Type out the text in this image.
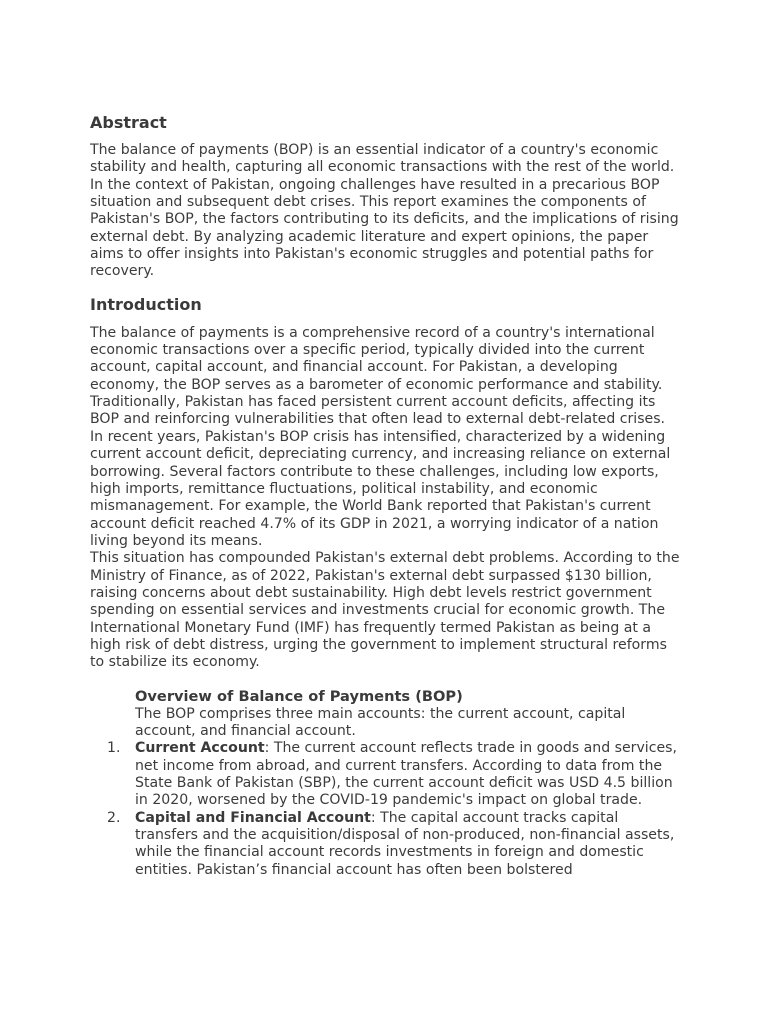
Abstract

The balance of payments (BOP) is an essential indicator of a country's economic stability and health, capturing all economic transactions with the rest of the world. In the context of Pakistan, ongoing challenges have resulted in a precarious BOP situation and subsequent debt crises. This report examines the components of Pakistan's BOP, the factors contributing to its deficits, and the implications of rising external debt. By analyzing academic literature and expert opinions, the paper aims to offer insights into Pakistan's economic struggles and potential paths for recovery.

Introduction

The balance of payments is a comprehensive record of a country's international economic transactions over a specific period, typically divided into the current account, capital account, and financial account. For Pakistan, a developing economy, the BOP serves as a barometer of economic performance and stability. Traditionally, Pakistan has faced persistent current account deficits, affecting its BOP and reinforcing vulnerabilities that often lead to external debt-related crises.

In recent years, Pakistan's BOP crisis has intensified, characterized by a widening current account deficit, depreciating currency, and increasing reliance on external borrowing. Several factors contribute to these challenges, including low exports, high imports, remittance fluctuations, political instability, and economic mismanagement. For example, the World Bank reported that Pakistan's current account deficit reached 4.7% of its GDP in 2021, a worrying indicator of a nation living beyond its means.

This situation has compounded Pakistan's external debt problems. According to the Ministry of Finance, as of 2022, Pakistan's external debt surpassed $130 billion, raising concerns about debt sustainability. High debt levels restrict government spending on essential services and investments crucial for economic growth. The International Monetary Fund (IMF) has frequently termed Pakistan as being at a high risk of debt distress, urging the government to implement structural reforms to stabilize its economy.

Overview of Balance of Payments (BOP)

The BOP comprises three main accounts: the current account, capital account, and financial account.

1. Current Account: The current account reflects trade in goods and services, net income from abroad, and current transfers. According to data from the State Bank of Pakistan (SBP), the current account deficit was USD 4.5 billion in 2020, worsened by the COVID-19 pandemic's impact on global trade.
2. Capital and Financial Account: The capital account tracks capital transfers and the acquisition/disposal of non-produced, non-financial assets, while the financial account records investments in foreign and domestic entities. Pakistan’s financial account has often been bolstered
